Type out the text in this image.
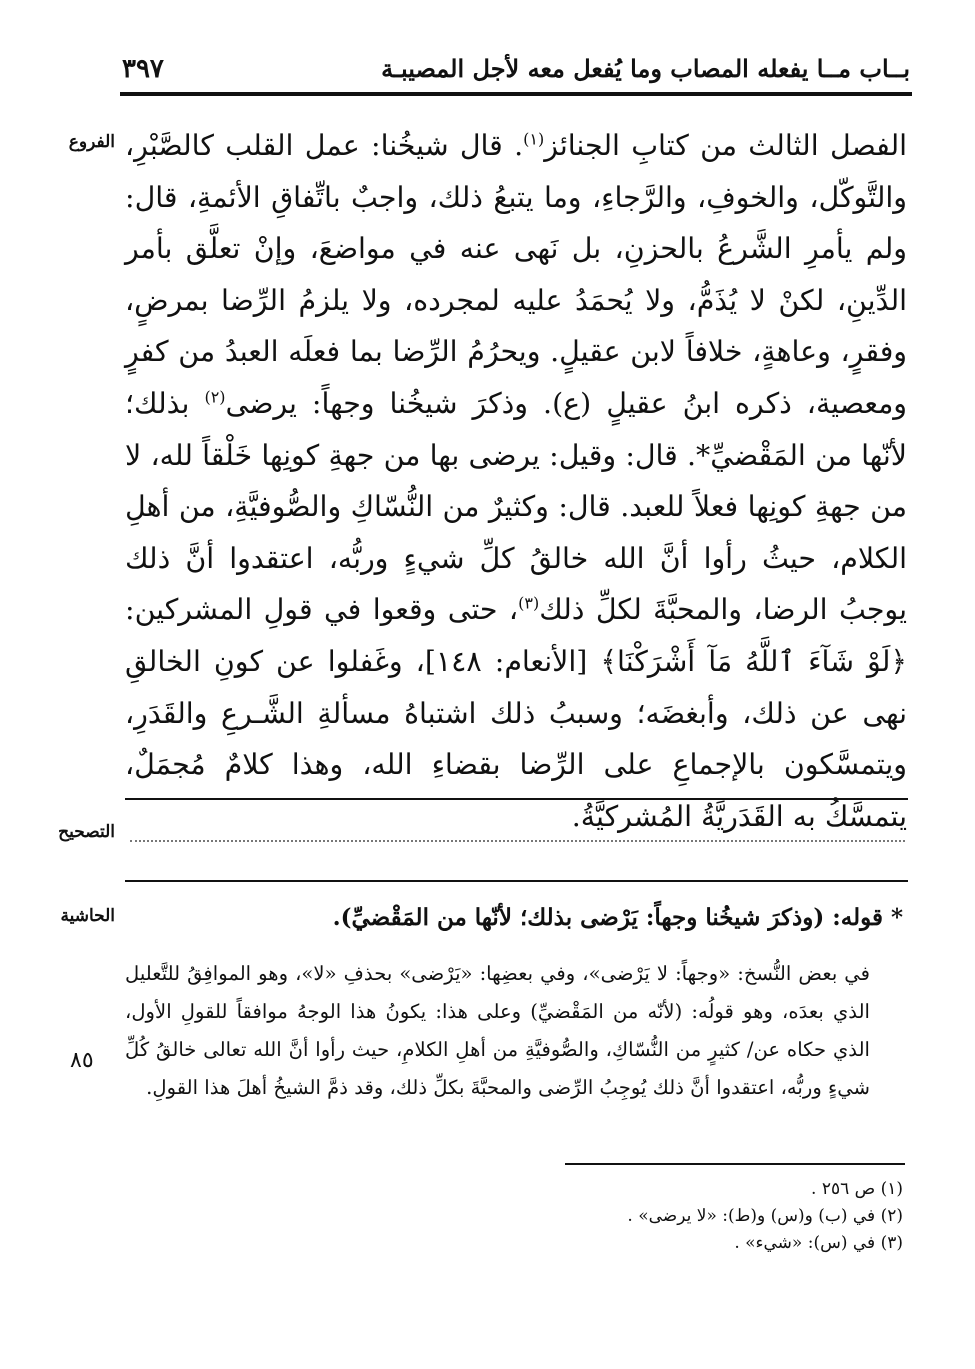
بــاب مــا يفعله المصاب وما يُفعل معه لأجل المصيبـة
٣٩٧
الفروع	الفصل الثالث من كتابِ الجنائز$^{(١)}$. قال شيخُنا: عمل القلب كالصَّبْرِ، والتَّوكّل، والخوفِ، والرَّجاءِ، وما يتبعُ ذلك، واجبٌ باتِّفاقِ الأئمةِ، قال: ولم يأمرِ الشَّرعُ بالحزنِ، بل نَهى عنه في مواضعَ، وإنْ تعلَّق بأمر الدِّينِ، لكنْ لا يُذَمُّ، ولا يُحمَدُ عليه لمجرده، ولا يلزمُ الرِّضا بمرضٍ، وفقرٍ، وعاهةٍ، خلافاً لابن عقيلٍ. ويحرُمُ الرِّضا بما فعلَه العبدُ من كفرٍ ومعصية، ذكره ابنُ عقيلٍ (ع). وذكرَ شيخُنا وجهاً: يرضى$^{(٢)}$ بذلك؛ لأنّها من المَقْضيِّ*. قال: وقيل: يرضى بها من جهةِ كونِها خَلْقاً لله، لا من جهةِ كونِها فعلاً للعبد. قال: وكثيرٌ من النُّسّاكِ والصُّوفيَّةِ، من أهلِ الكلام، حيثُ رأوا أنَّ الله خالقُ كلِّ شيءٍ وربُّه، اعتقدوا أنَّ ذلك يوجبُ الرضا، والمحبَّةَ لكلِّ ذلك$^{(٣)}$، حتى وقعوا في قولِ المشركين: ﴿لَوْ شَآءَ ٱللَّهُ مَآ أَشْرَكْنَا﴾ [الأنعام: ١٤٨]، وغَفلوا عن كونِ الخالقِ نهى عن ذلك، وأبغضَه؛ وسببُ ذلك اشتباهُ مسألةِ الشَّـرعِ والقَدَرِ، ويتمسَّكون بالإجماعِ على الرِّضا بقضاءِ الله، وهذا كلامٌ مُجمَلٌ، يتمسَّكُ به القَدَريَّةُ المُشركيَّةُ.

التصحيح
الحاشية	* قوله: (وذكرَ شيخُنا وجهاً: يَرْضى بذلك؛ لأنّها من المَقْضيِّ).
في بعض النُّسخ: «وجهاً: لا يَرْضى»، وفي بعضِها: «يَرْضى» بحذفِ «لا»، وهو الموافِقُ للتَّعليل الذي بعدَه، وهو قولُه: (لأنّه من المَقْضيِّ) وعلى هذا: يكونُ هذا الوجهُ موافقاً للقولِ الأول، الذي حكاه عن/ كثيرٍ من النُّسّاكِ، والصُّوفيَّةِ من أهلِ الكلامِ، حيث رأوا أنَّ الله تعالى خالقُ كُلِّ شيءٍ وربُّه، اعتقدوا أنَّ ذلك يُوجِبُ الرِّضى والمحبَّةَ بكلِّ ذلك، وقد ذمَّ الشيخُ أهلَ هذا القولِ.
٨٥
(١) ص ٢٥٦ .
(٢) في (ب) و(س) و(ط): «لا يرضى» .
(٣) في (س): «شيء» .
